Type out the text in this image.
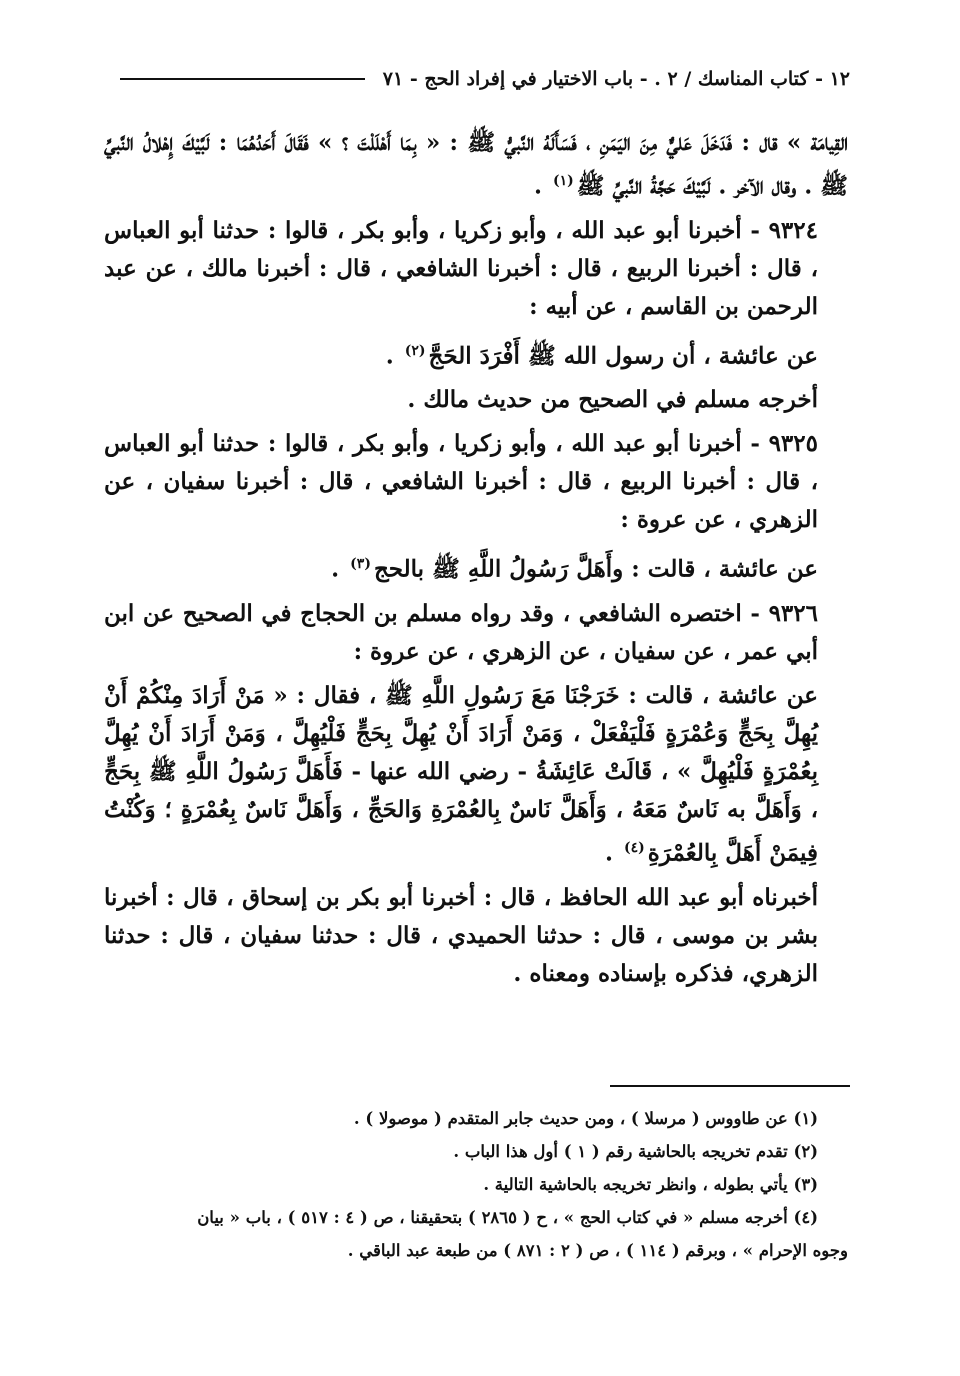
١٢ - كتاب المناسك / ٢ . - باب الاختيار في إفراد الحج - ٧١

القِيامَة » قال : فَدَخَلَ عَليٌّ مِنَ اليَمَنِ ، فَسَأَلَهُ النَّبيُّ ﷺ : « بِمَا أَهْلَلْتَ ؟ » فَقَالَ أَحَدُهُمَا : لَبَّيْكَ إِهْلالُ النَّبيِّ ﷺ . وقال الآخر . لَبَّيْكَ حَجَّةُ النَّبيِّ ﷺ$^{(١)}$ .

٩٣٢٤ - أخبرنا أبو عبد الله ، وأبو زكريا ، وأبو بكر ، قالوا : حدثنا أبو العباس ، قال : أخبرنا الربيع ، قال : أخبرنا الشافعي ، قال : أخبرنا مالك ، عن عبد الرحمن بن القاسم ، عن أبيه :

عن عائشة ، أن رسول الله ﷺ أَفْرَدَ الحَجَّ$^{(٢)}$ .

أخرجه مسلم في الصحيح من حديث مالك .

٩٣٢٥ - أخبرنا أبو عبد الله ، وأبو زكريا ، وأبو بكر ، قالوا : حدثنا أبو العباس ، قال : أخبرنا الربيع ، قال : أخبرنا الشافعي ، قال : أخبرنا سفيان ، عن الزهري ، عن عروة :

عن عائشة ، قالت : وأَهَلَّ رَسُولُ اللَّهِ ﷺ بالحج$^{(٣)}$ .

٩٣٢٦ - اختصره الشافعي ، وقد رواه مسلم بن الحجاج في الصحيح عن ابن أبي عمر ، عن سفيان ، عن الزهري ، عن عروة :

عن عائشة ، قالت : خَرَجْنَا مَعَ رَسُولِ اللَّهِ ﷺ ، فقال : « مَنْ أَرَادَ مِنْكُمْ أَنْ يُهِلَّ بِحَجٍّ وَعُمْرَةٍ فَلْيَفْعَلْ ، وَمَنْ أَرَادَ أَنْ يُهِلَّ بِحَجٍّ فَلْيُهِلَّ ، وَمَنْ أَرَادَ أَنْ يُهِلَّ بِعُمْرَةٍ فَلْيُهِلَّ » ، قَالَتْ عَائِشَةُ - رضي الله عنها - فَأَهَلَّ رَسُولُ اللَّهِ ﷺ بِحَجٍّ ، وَأَهَلَّ به نَاسٌ مَعَهُ ، وَأَهَلَّ نَاسٌ بِالعُمْرَةِ وَالحَجِّ ، وَأَهَلَّ نَاسٌ بِعُمْرَةٍ ؛ وَكُنْتُ فِيمَنْ أَهَلَّ بِالعُمْرَةِ$^{(٤)}$ .

أخبرناه أبو عبد الله الحافظ ، قال : أخبرنا أبو بكر بن إسحاق ، قال : أخبرنا بشر بن موسى ، قال : حدثنا الحميدي ، قال : حدثنا سفيان ، قال : حدثنا الزهري، فذكره بإسناده ومعناه .

(١) عن طاووس ( مرسلا ) ، ومن حديث جابر المتقدم ( موصولا ) .

(٢) تقدم تخريجه بالحاشية رقم ( ١ ) أول هذا الباب .

(٣) يأتي بطوله ، وانظر تخريجه بالحاشية التالية .

(٤) أخرجه مسلم « في كتاب الحج » ، ح ( ٢٨٦٥ ) بتحقيقنا ، ص ( ٤ : ٥١٧ ) ، باب « بيان

وجوه الإحرام » ، وبرقم ( ١١٤ ) ، ص ( ٢ : ٨٧١ ) من طبعة عبد الباقي .
